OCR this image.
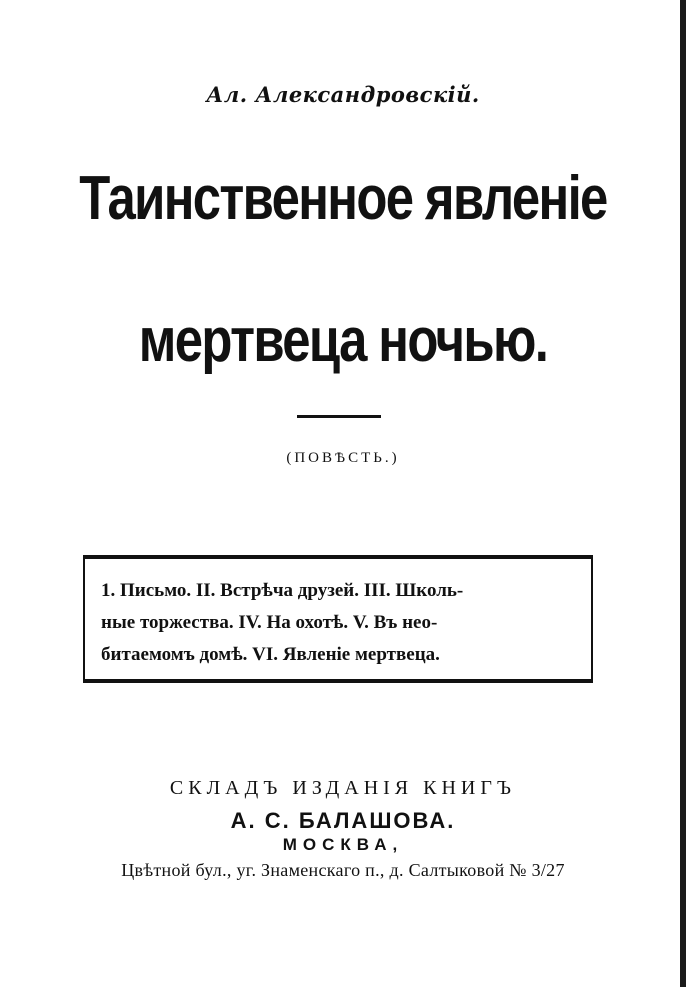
Ал. Александровскій.
Таинственное явленіе
мертвеца ночью.
(ПОВѢСТЬ.)
1. Письмо. II. Встрѣча друзей. III. Школь-
ные торжества. IV. На охотѣ. V. Въ нео-
битаемомъ домѣ. VI. Явленіе мертвеца.
СКЛАДЪ ИЗДАНІЯ КНИГЪ
А. С. БАЛАШОВА.
МОСКВА,
Цвѣтной бул., уг. Знаменскаго п., д. Салтыковой № 3/27
